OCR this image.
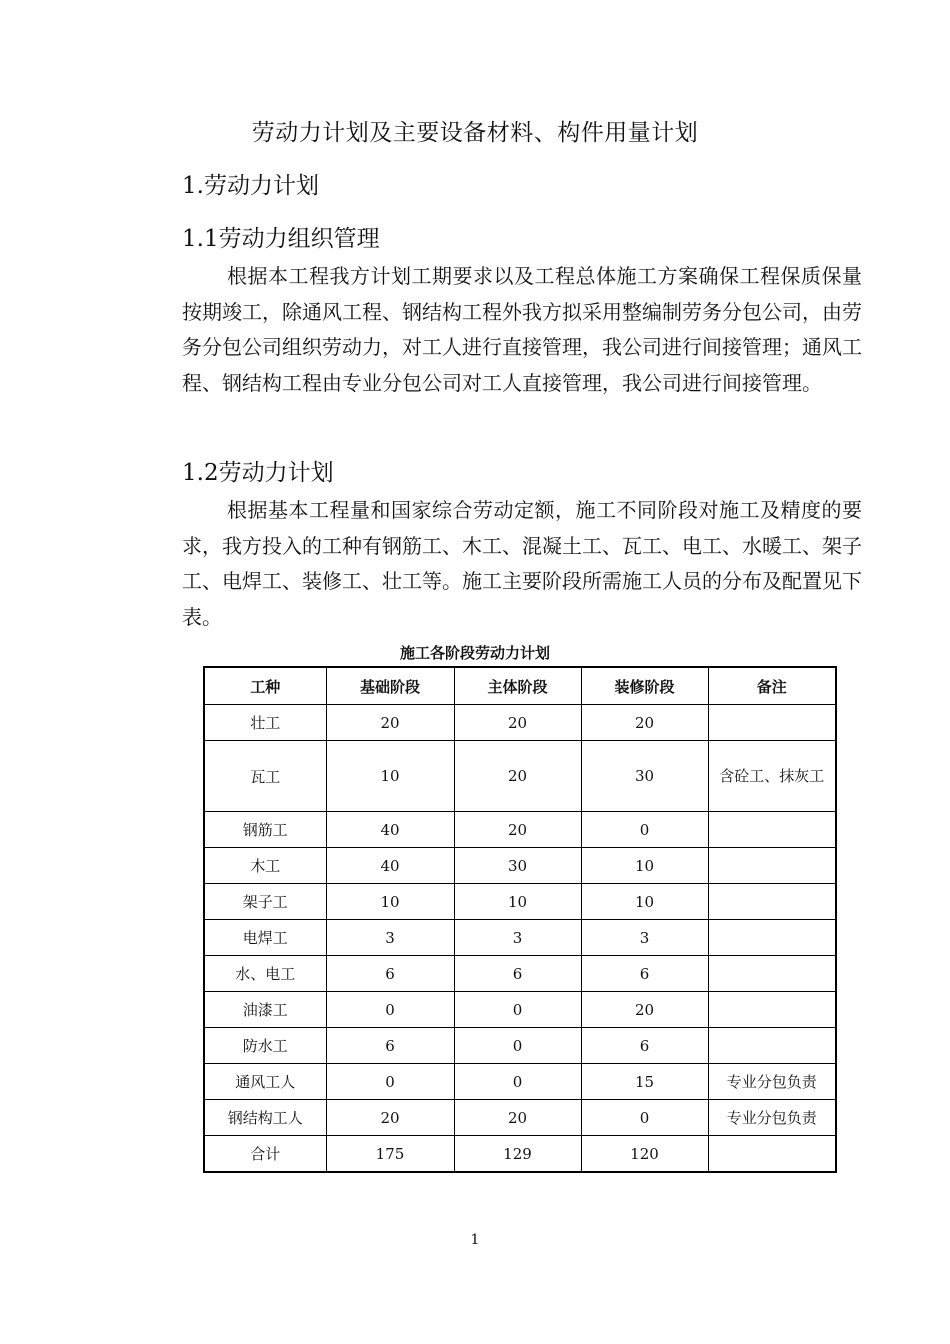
劳动力计划及主要设备材料、构件用量计划
1.劳动力计划
1.1劳动力组织管理
根据本工程我方计划工期要求以及工程总体施工方案确保工程保质保量按期竣工，除通风工程、钢结构工程外我方拟采用整编制劳务分包公司，由劳务分包公司组织劳动力，对工人进行直接管理，我公司进行间接管理；通风工程、钢结构工程由专业分包公司对工人直接管理，我公司进行间接管理。
1.2劳动力计划
根据基本工程量和国家综合劳动定额，施工不同阶段对施工及精度的要求，我方投入的工种有钢筋工、木工、混凝土工、瓦工、电工、水暖工、架子工、电焊工、装修工、壮工等。施工主要阶段所需施工人员的分布及配置见下表。
施工各阶段劳动力计划
工种	基础阶段	主体阶段	装修阶段	备注
壮工	20	20	20	
瓦工	10	20	30	含砼工、抹灰工
钢筋工	40	20	0	
木工	40	30	10	
架子工	10	10	10	
电焊工	3	3	3	
水、电工	6	6	6	
油漆工	0	0	20	
防水工	6	0	6	
通风工人	0	0	15	专业分包负责
钢结构工人	20	20	0	专业分包负责
合计	175	129	120	
1
